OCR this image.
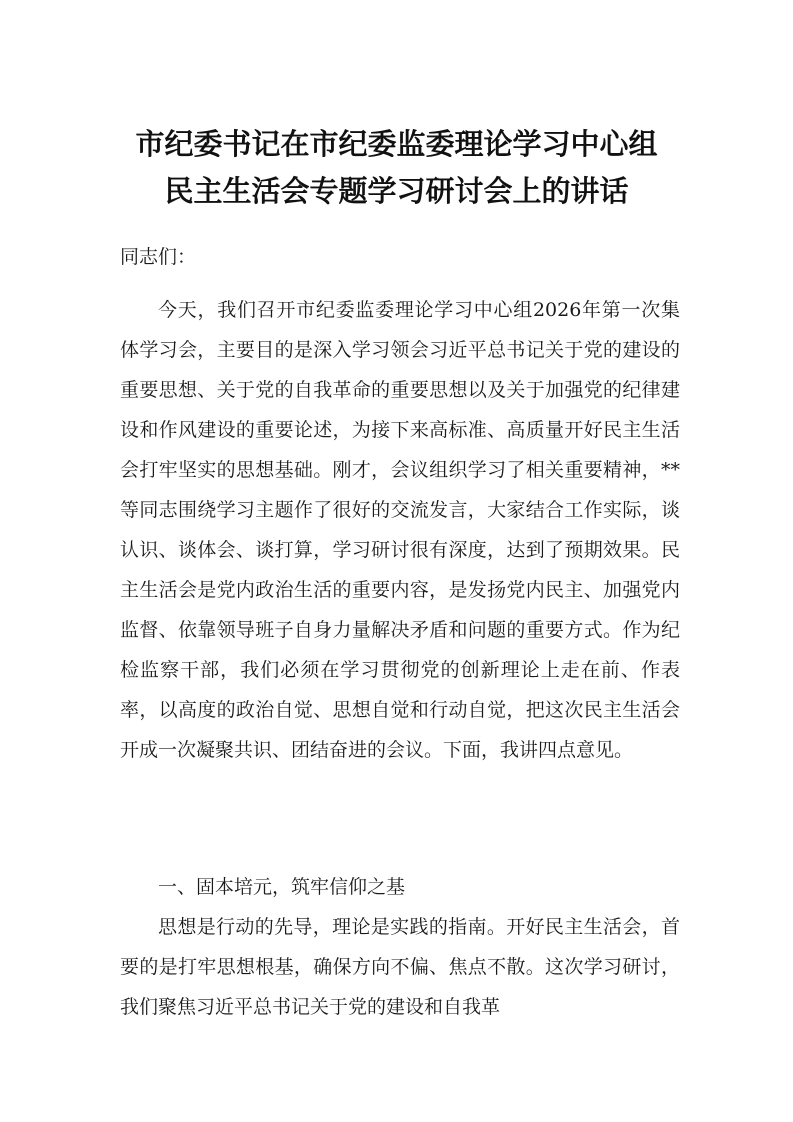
市纪委书记在市纪委监委理论学习中心组
民主生活会专题学习研讨会上的讲话

同志们：

今天，我们召开市纪委监委理论学习中心组2026年第一次集体学习会，主要目的是深入学习领会习近平总书记关于党的建设的重要思想、关于党的自我革命的重要思想以及关于加强党的纪律建设和作风建设的重要论述，为接下来高标准、高质量开好民主生活会打牢坚实的思想基础。刚才，会议组织学习了相关重要精神，**等同志围绕学习主题作了很好的交流发言，大家结合工作实际，谈认识、谈体会、谈打算，学习研讨很有深度，达到了预期效果。民主生活会是党内政治生活的重要内容，是发扬党内民主、加强党内监督、依靠领导班子自身力量解决矛盾和问题的重要方式。作为纪检监察干部，我们必须在学习贯彻党的创新理论上走在前、作表率，以高度的政治自觉、思想自觉和行动自觉，把这次民主生活会开成一次凝聚共识、团结奋进的会议。下面，我讲四点意见。

一、固本培元，筑牢信仰之基

思想是行动的先导，理论是实践的指南。开好民主生活会，首要的是打牢思想根基，确保方向不偏、焦点不散。这次学习研讨，我们聚焦习近平总书记关于党的建设和自我革
